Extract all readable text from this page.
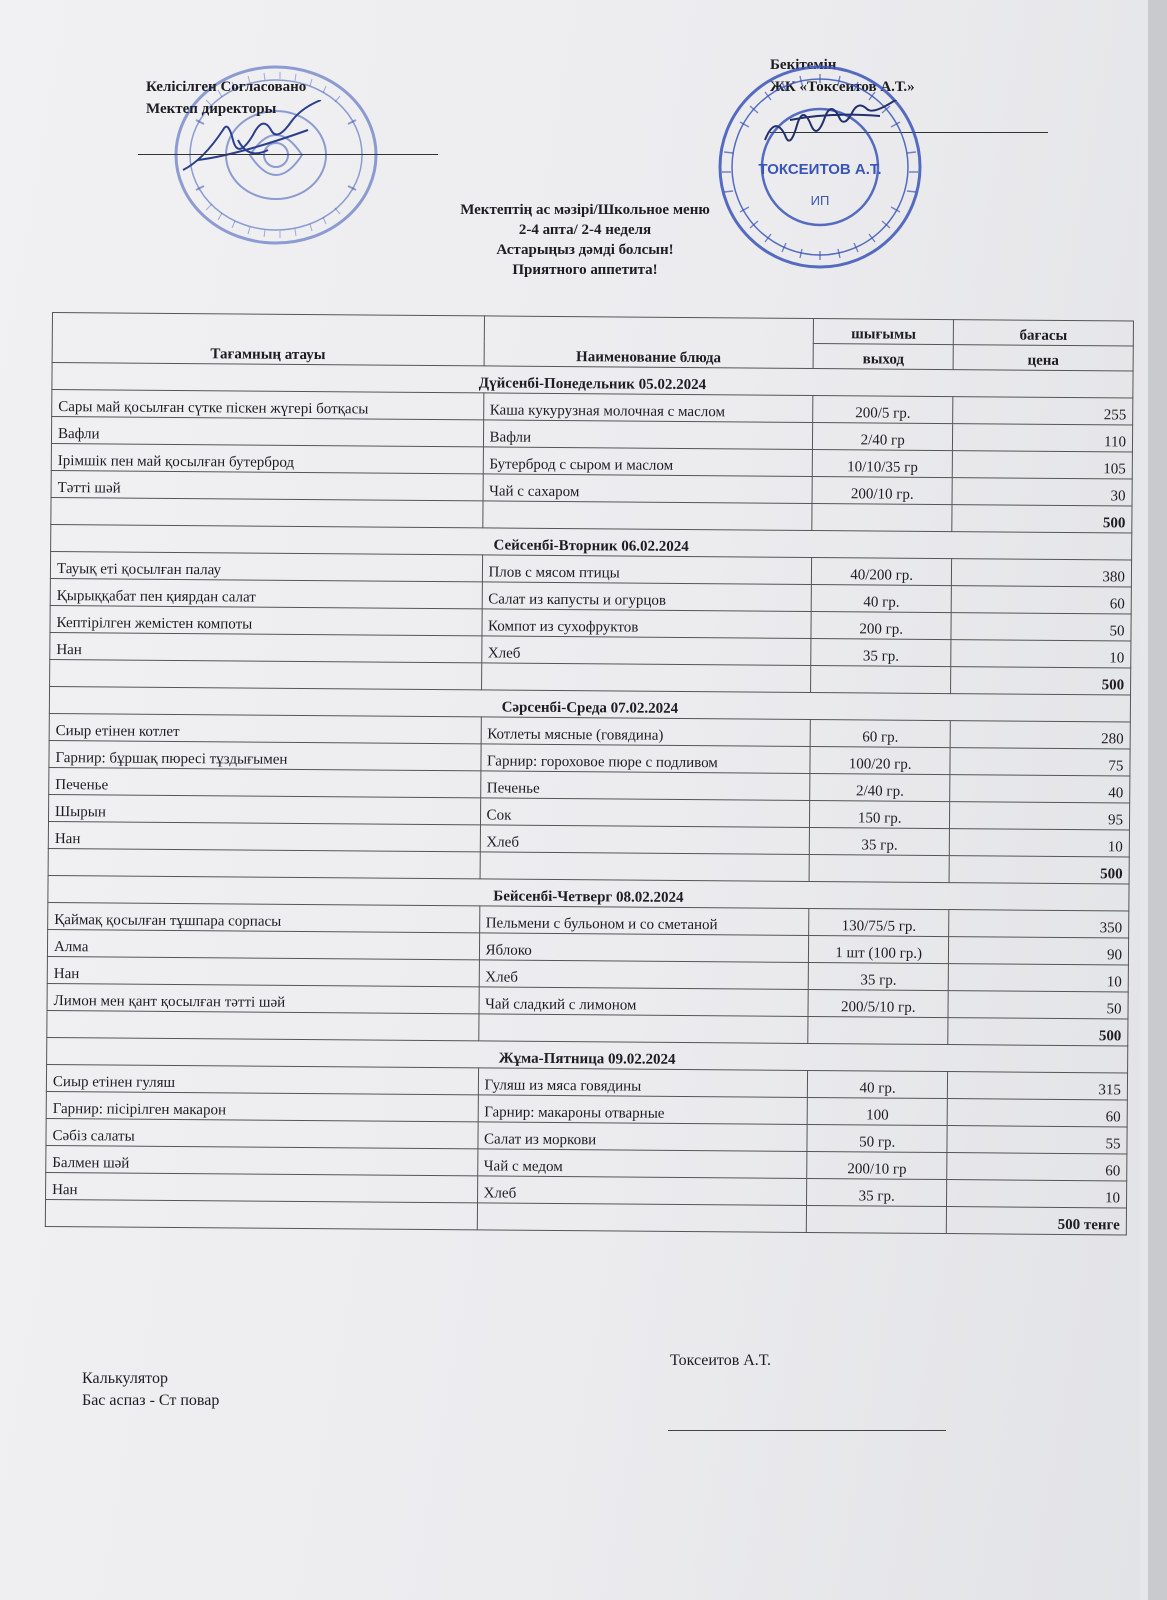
Келісілген Согласовано
Мектеп директоры
Бекітемін
ЖК «Токсеитов А.Т.»
ТОКСЕИТОВ А.Т.
ИП
Мектептің ас мәзірі/Школьное меню
2-4 апта/ 2-4 неделя
Астарыңыз дәмді болсын!
Приятного аппетита!
Тағамның атауы	Наименование блюда	шығымы	бағасы
		выход	цена
Дүйсенбі-Понедельник 05.02.2024			
Сары май қосылған сүтке піскен жүгері ботқасы	Каша кукурузная молочная с маслом	200/5 гр.	255
Вафли	Вафли	2/40 гр	110
Ірімшік пен май қосылған бутерброд	Бутерброд с сыром и маслом	10/10/35 гр	105
Тәтті шәй	Чай с сахаром	200/10 гр.	30
			500
Сейсенбі-Вторник 06.02.2024			
Тауық еті қосылған палау	Плов с мясом птицы	40/200 гр.	380
Қырыққабат пен қиярдан салат	Салат из капусты и огурцов	40 гр.	60
Кептірілген жемістен компоты	Компот из сухофруктов	200 гр.	50
Нан	Хлеб	35 гр.	10
			500
Сәрсенбі-Среда 07.02.2024			
Сиыр етінен котлет	Котлеты мясные (говядина)	60 гр.	280
Гарнир: бұршақ пюресі тұздығымен	Гарнир: гороховое пюре с подливом	100/20 гр.	75
Печенье	Печенье	2/40 гр.	40
Шырын	Сок	150 гр.	95
Нан	Хлеб	35 гр.	10
			500
Бейсенбі-Четверг 08.02.2024			
Қаймақ қосылған тұшпара сорпасы	Пельмени с бульоном и со сметаной	130/75/5 гр.	350
Алма	Яблоко	1 шт (100 гр.)	90
Нан	Хлеб	35 гр.	10
Лимон мен қант қосылған тәтті шәй	Чай сладкий с лимоном	200/5/10 гр.	50
			500
Жұма-Пятница 09.02.2024			
Сиыр етінен гуляш	Гуляш из мяса говядины	40 гр.	315
Гарнир: пісірілген макарон	Гарнир: макароны отварные	100	60
Сәбіз салаты	Салат из моркови	50 гр.	55
Балмен шәй	Чай с медом	200/10 гр	60
Нан	Хлеб	35 гр.	10
			500 тенге
Калькулятор
Бас аспаз - Ст повар
Токсеитов А.Т.
